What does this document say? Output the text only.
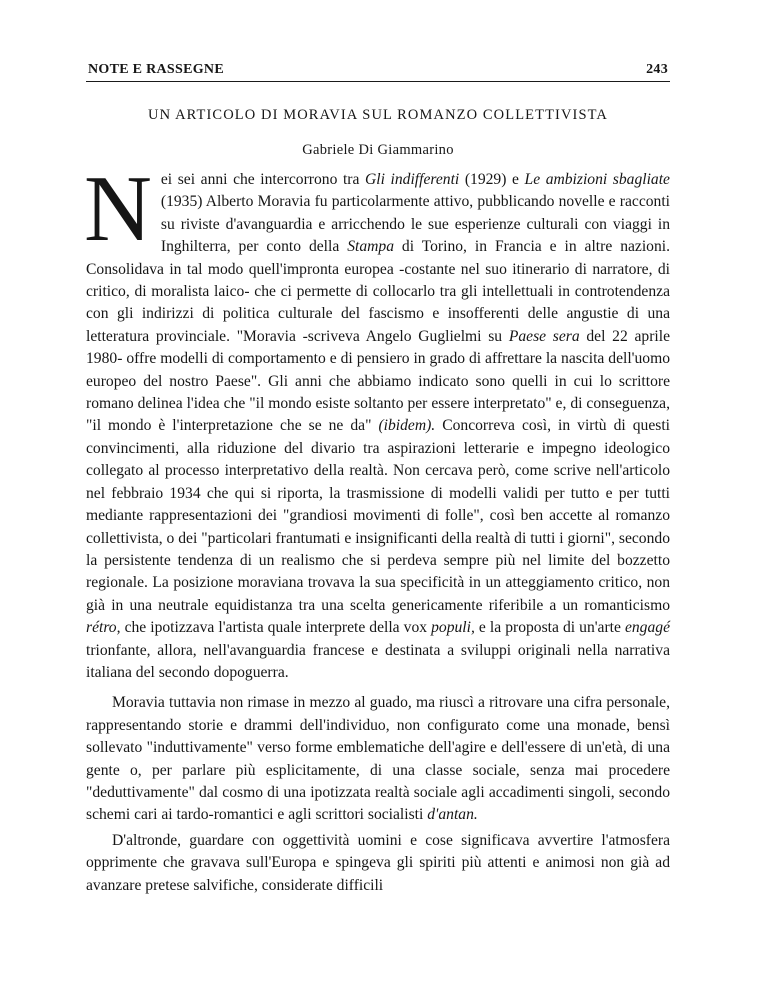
NOTE E RASSEGNE	243
UN ARTICOLO DI MORAVIA SUL ROMANZO COLLETTIVISTA
Gabriele Di Giammarino

Nei sei anni che intercorrono tra Gli indifferenti (1929) e Le ambizioni sbagliate (1935) Alberto Moravia fu particolarmente attivo, pubblicando novelle e racconti su riviste d'avanguardia e arricchendo le sue esperienze culturali con viaggi in Inghilterra, per conto della Stampa di Torino, in Francia e in altre nazioni. Consolidava in tal modo quell'impronta europea -costante nel suo itinerario di narratore, di critico, di moralista laico- che ci permette di collocarlo tra gli intellettuali in controtendenza con gli indirizzi di politica culturale del fascismo e insofferenti delle angustie di una letteratura provinciale. "Moravia -scriveva Angelo Guglielmi su Paese sera del 22 aprile 1980- offre modelli di comportamento e di pensiero in grado di affrettare la nascita dell'uomo europeo del nostro Paese". Gli anni che abbiamo indicato sono quelli in cui lo scrittore romano delinea l'idea che "il mondo esiste soltanto per essere interpretato" e, di conseguenza, "il mondo è l'interpretazione che se ne da" (ibidem). Concorreva così, in virtù di questi convincimenti, alla riduzione del divario tra aspirazioni letterarie e impegno ideologico collegato al processo interpretativo della realtà. Non cercava però, come scrive nell'articolo nel febbraio 1934 che qui si riporta, la trasmissione di modelli validi per tutto e per tutti mediante rappresentazioni dei "grandiosi movimenti di folle", così ben accette al romanzo collettivista, o dei "particolari frantumati e insignificanti della realtà di tutti i giorni", secondo la persistente tendenza di un realismo che si perdeva sempre più nel limite del bozzetto regionale. La posizione moraviana trovava la sua specificità in un atteggiamento critico, non già in una neutrale equidistanza tra una scelta genericamente riferibile a un romanticismo rétro, che ipotizzava l'artista quale interprete della vox populi, e la proposta di un'arte engagé trionfante, allora, nell'avanguardia francese e destinata a sviluppi originali nella narrativa italiana del secondo dopoguerra.

Moravia tuttavia non rimase in mezzo al guado, ma riuscì a ritrovare una cifra personale, rappresentando storie e drammi dell'individuo, non configurato come una monade, bensì sollevato "induttivamente" verso forme emblematiche dell'agire e dell'essere di un'età, di una gente o, per parlare più esplicitamente, di una classe sociale, senza mai procedere "deduttivamente" dal cosmo di una ipotizzata realtà sociale agli accadimenti singoli, secondo schemi cari ai tardo-romantici e agli scrittori socialisti d'antan.

D'altronde, guardare con oggettività uomini e cose significava avvertire l'atmosfera opprimente che gravava sull'Europa e spingeva gli spiriti più attenti e animosi non già ad avanzare pretese salvifiche, considerate difficili
